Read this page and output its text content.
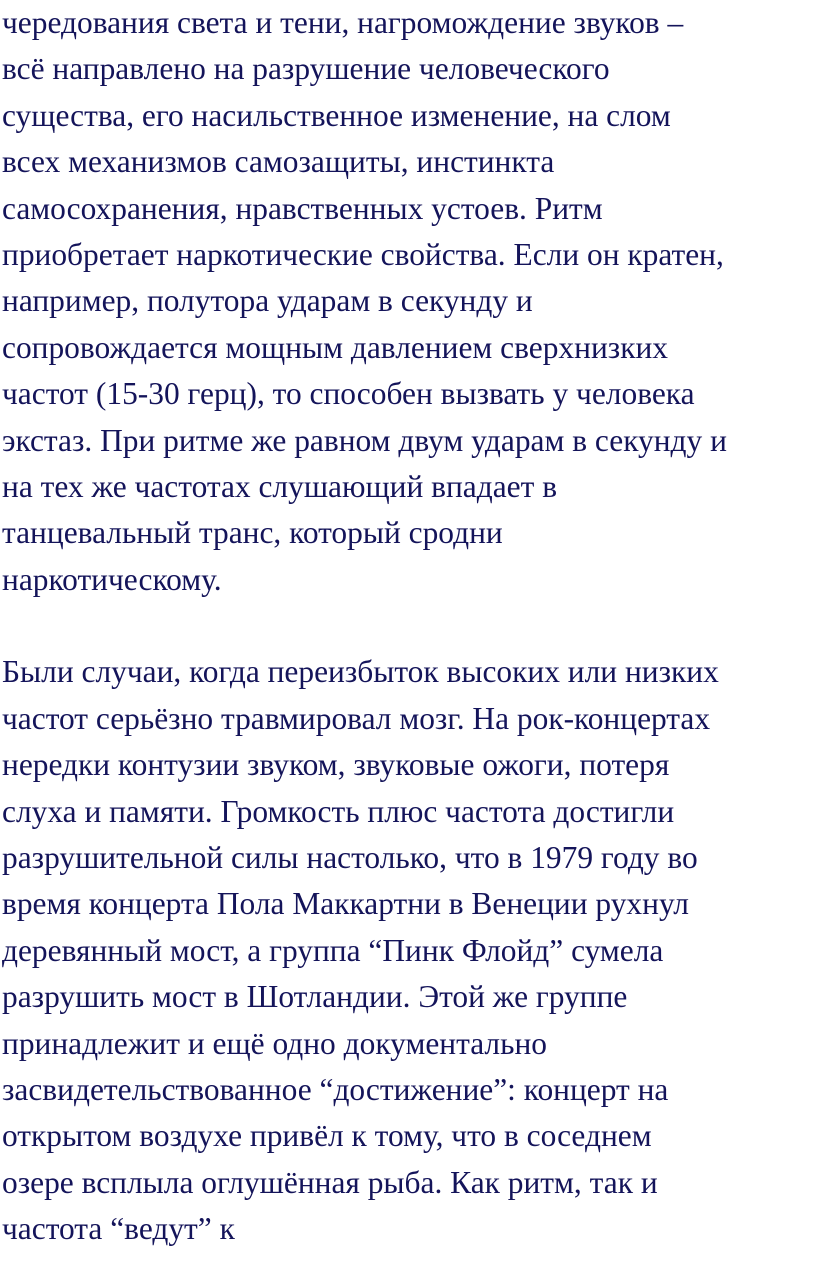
чередования света и тени, нагромождение звуков –
всё направлено на разрушение человеческого
существа, его насильственное изменение, на слом
всех механизмов самозащиты, инстинкта
самосохранения, нравственных устоев. Ритм
приобретает наркотические свойства. Если он кратен,
например, полутора ударам в секунду и
сопровождается мощным давлением сверхнизких
частот (15-30 герц), то способен вызвать у человека
экстаз. При ритме же равном двум ударам в секунду и
на тех же частотах слушающий впадает в
танцевальный транс, который сродни
наркотическому.

Были случаи, когда переизбыток высоких или низких
частот серьёзно травмировал мозг. На рок-концертах
нередки контузии звуком, звуковые ожоги, потеря
слуха и памяти. Громкость плюс частота достигли
разрушительной силы настолько, что в 1979 году во
время концерта Пола Маккартни в Венеции рухнул
деревянный мост, а группа “Пинк Флойд” сумела
разрушить мост в Шотландии. Этой же группе
принадлежит и ещё одно документально
засвидетельствованное “достижение”: концерт на
открытом воздухе привёл к тому, что в соседнем
озере всплыла оглушённая рыба. Как ритм, так и
частота “ведут” к
